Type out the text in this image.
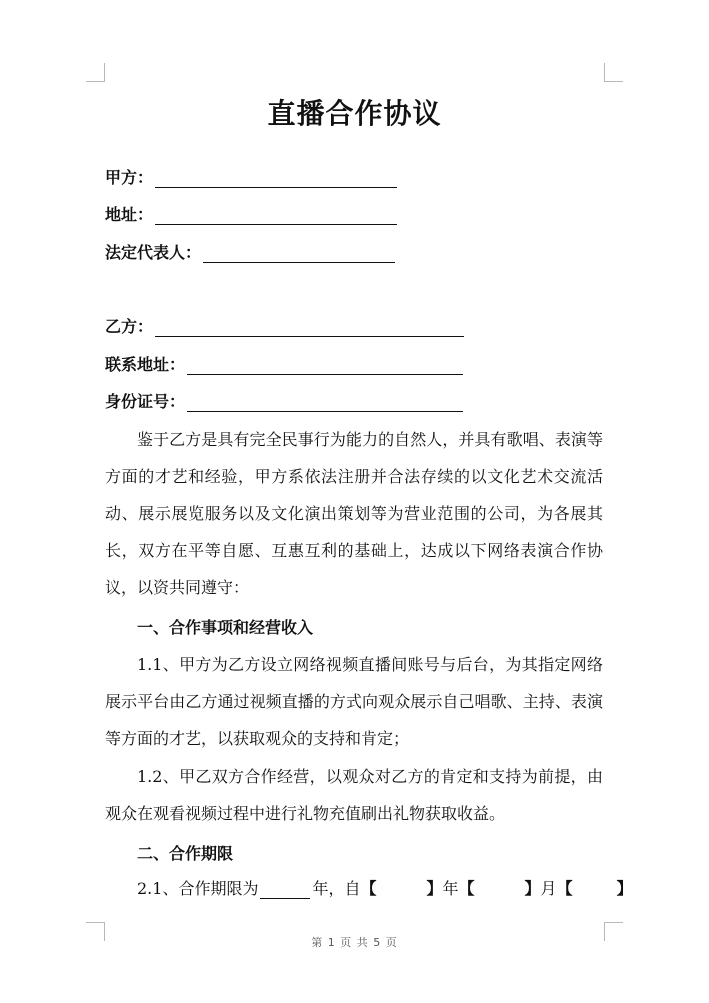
直播合作协议
甲方：
地址：
法定代表人：
乙方：
联系地址：
身份证号：

鉴于乙方是具有完全民事行为能力的自然人，并具有歌唱、表演等方面的才艺和经验，甲方系依法注册并合法存续的以文化艺术交流活动、展示展览服务以及文化演出策划等为营业范围的公司，为各展其长，双方在平等自愿、互惠互利的基础上，达成以下网络表演合作协议，以资共同遵守：

一、合作事项和经营收入

1.1、甲方为乙方设立网络视频直播间账号与后台，为其指定网络展示平台由乙方通过视频直播的方式向观众展示自己唱歌、主持、表演等方面的才艺，以获取观众的支持和肯定；

1.2、甲乙双方合作经营，以观众对乙方的肯定和支持为前提，由观众在观看视频过程中进行礼物充值刷出礼物获取收益。

二、合作期限
2.1、合作期限为	年，自 【	】 年 【	】 月 【	】
第 1 页 共 5 页
